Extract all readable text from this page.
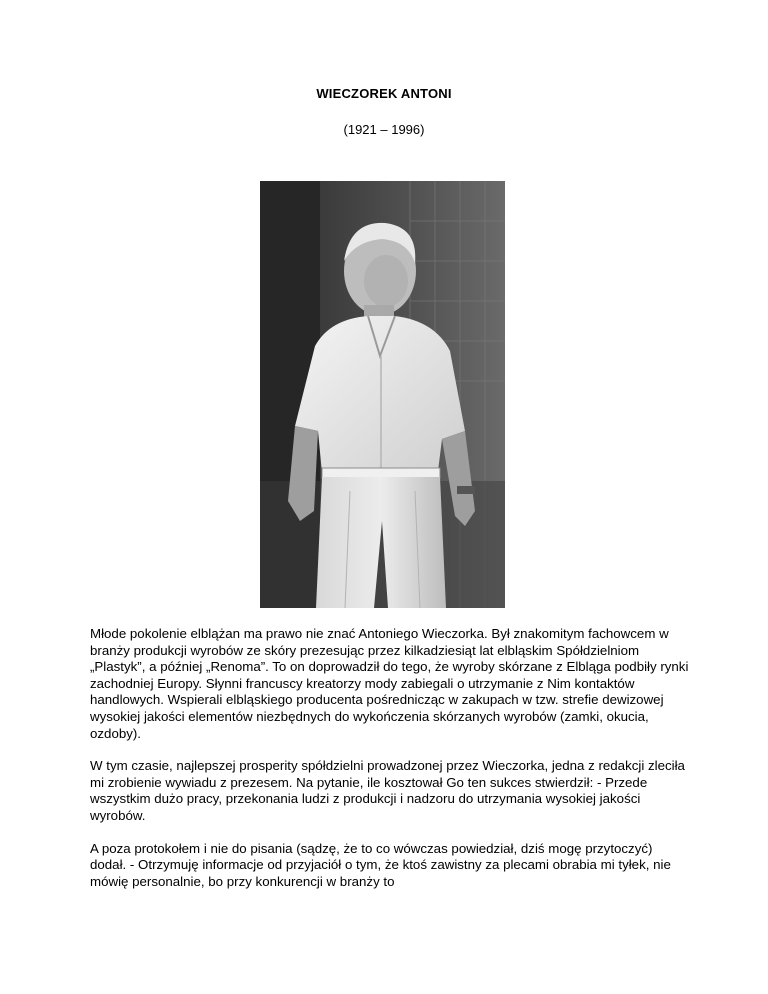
WIECZOREK ANTONI
(1921 – 1996)

Młode pokolenie elblążan ma prawo nie znać Antoniego Wieczorka. Był znakomitym fachowcem w branży produkcji wyrobów ze skóry prezesując przez kilkadziesiąt lat elbląskim Spółdzielniom „Plastyk”, a później „Renoma”. To on doprowadził do tego, że wyroby skórzane z Elbląga podbiły rynki zachodniej Europy. Słynni francuscy kreatorzy mody zabiegali o utrzymanie z Nim kontaktów handlowych. Wspierali elbląskiego producenta pośrednicząc w zakupach w tzw. strefie dewizowej wysokiej jakości elementów niezbędnych do wykończenia skórzanych wyrobów (zamki, okucia, ozdoby).

W tym czasie, najlepszej prosperity spółdzielni prowadzonej przez Wieczorka, jedna z redakcji zleciła mi zrobienie wywiadu z prezesem. Na pytanie, ile kosztował Go ten sukces stwierdził: - Przede wszystkim dużo pracy, przekonania ludzi z produkcji i nadzoru do utrzymania wysokiej jakości wyrobów.

A poza protokołem i nie do pisania (sądzę, że to co wówczas powiedział, dziś mogę przytoczyć) dodał. - Otrzymuję informacje od przyjaciół o tym, że ktoś zawistny za plecami obrabia mi tyłek, nie mówię personalnie, bo przy konkurencji w branży to
